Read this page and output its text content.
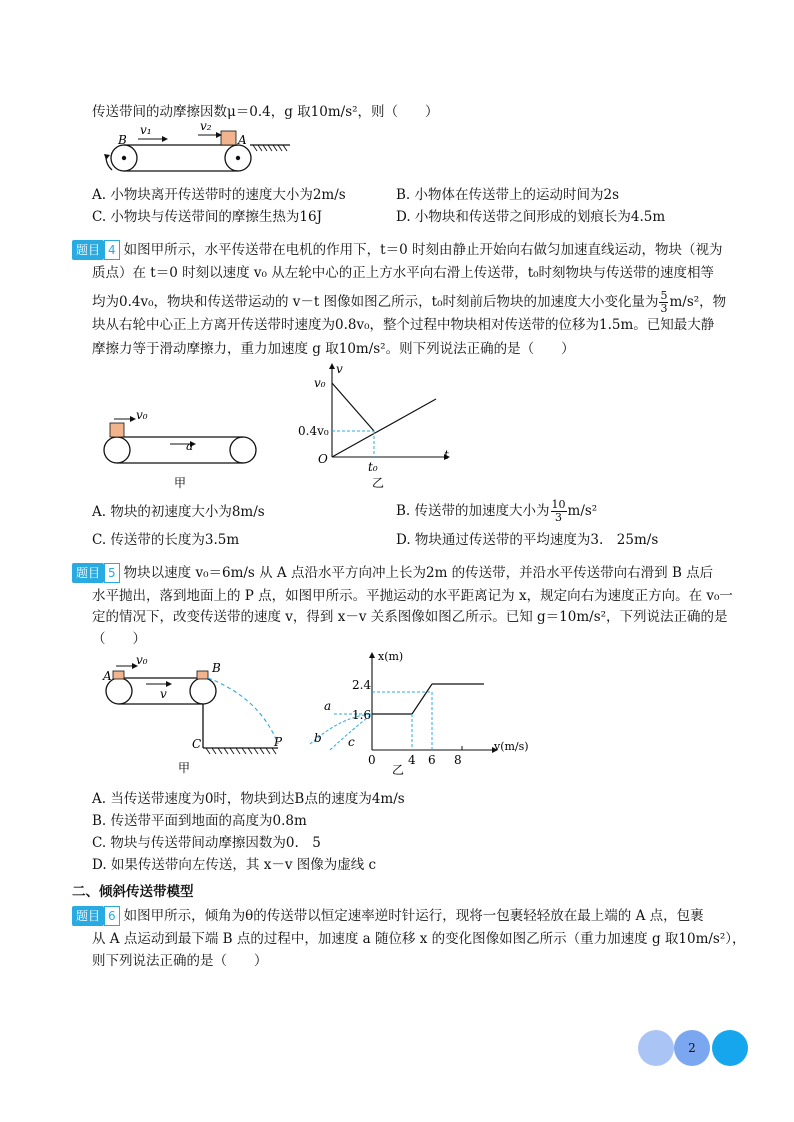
传送带间的动摩擦因数μ＝0.4，g 取10m/s²，则（　　）
v₁	v₂
B	A
A. 小物块离开传送带时的速度大小为2m/s	B. 小物体在传送带上的运动时间为2s
C. 小物块与传送带间的摩擦生热为16J	D. 小物块和传送带之间形成的划痕长为4.5m
题目 4 如图甲所示，水平传送带在电机的作用下，t＝0 时刻由静止开始向右做匀加速直线运动，物块（视为
质点）在 t＝0 时刻以速度 v₀ 从左轮中心的正上方水平向右滑上传送带，t₀时刻物块与传送带的速度相等
均为0.4v₀，物块和传送带运动的 v－t 图像如图乙所示，t₀时刻前后物块的加速度大小变化量为 $\frac{5}{3} m/s^2$，物
块从右轮中心正上方离开传送带时速度为0.8v₀，整个过程中物块相对传送带的位移为1.5m。已知最大静
摩擦力等于滑动摩擦力，重力加速度 g 取10m/s²。则下列说法正确的是（　　）
v₀
a
甲
v
v₀
0.4v₀
O
t₀
t
乙
A. 物块的初速度大小为8m/s	B. 传送带的加速度大小为 $\frac{10}{3} m/s^2$
C. 传送带的长度为3.5m	D. 物块通过传送带的平均速度为3.　25m/s
题目 5 物块以速度 v₀＝6m/s 从 A 点沿水平方向冲上长为2m 的传送带，并沿水平传送带向右滑到 B 点后
水平抛出，落到地面上的 P 点，如图甲所示。平抛运动的水平距离记为 x，规定向右为速度正方向。在 v₀一
定的情况下，改变传送带的速度 v，得到 x－v 关系图像如图乙所示。已知 g＝10m/s²，下列说法正确的是
（　　）
v₀
A
B
v
C	P
甲
x(m)
v(m/s)
2.4
1.6
0	4 6 8
a
b c
乙
A. 当传送带速度为0时，物块到达B点的速度为4m/s
B. 传送带平面到地面的高度为0.8m
C. 物块与传送带间动摩擦因数为0.　5
D. 如果传送带向左传送，其 x－v 图像为虚线 c
二、倾斜传送带模型
题目 6 如图甲所示，倾角为θ的传送带以恒定速率逆时针运行，现将一包裹轻轻放在最上端的 A 点，包裹
从 A 点运动到最下端 B 点的过程中，加速度 a 随位移 x 的变化图像如图乙所示（重力加速度 g 取10m/s²），
则下列说法正确的是（　　）
2
